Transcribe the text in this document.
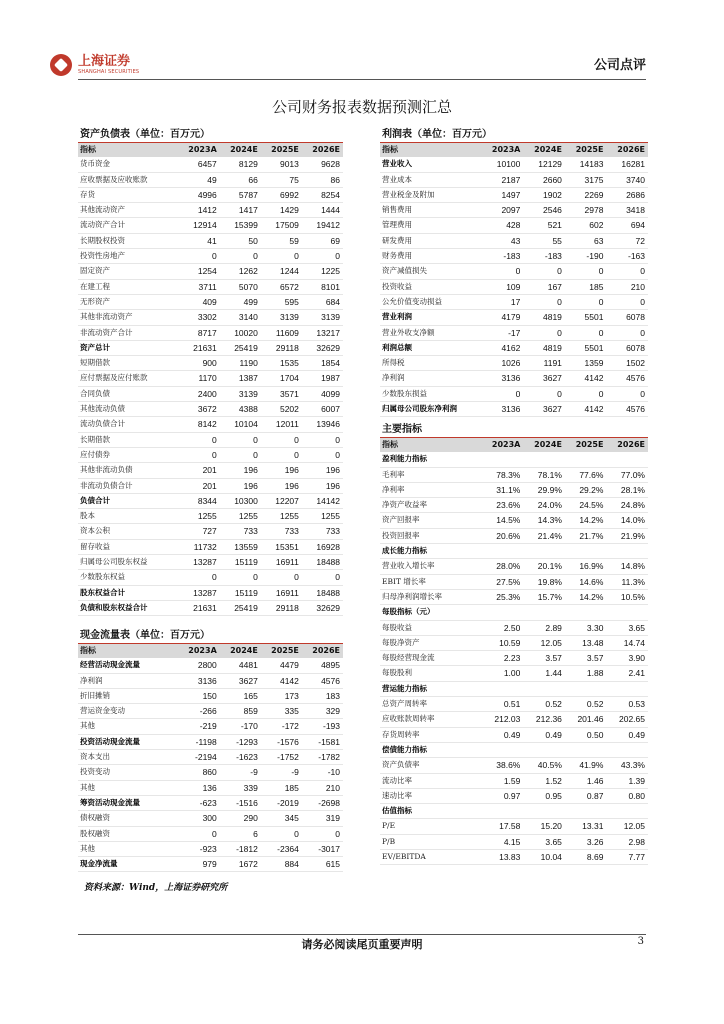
上海证券
SHANGHAI SECURITIES	公司点评
公司财务报表数据预测汇总
资产负债表（单位：百万元）
指标	2023A	2024E	2025E	2026E
货币资金	6457	8129	9013	9628
应收票据及应收账款	49	66	75	86
存货	4996	5787	6992	8254
其他流动资产	1412	1417	1429	1444
流动资产合计	12914	15399	17509	19412
长期股权投资	41	50	59	69
投资性房地产	0	0	0	0
固定资产	1254	1262	1244	1225
在建工程	3711	5070	6572	8101
无形资产	409	499	595	684
其他非流动资产	3302	3140	3139	3139
非流动资产合计	8717	10020	11609	13217
资产总计	21631	25419	29118	32629
短期借款	900	1190	1535	1854
应付票据及应付账款	1170	1387	1704	1987
合同负债	2400	3139	3571	4099
其他流动负债	3672	4388	5202	6007
流动负债合计	8142	10104	12011	13946
长期借款	0	0	0	0
应付债券	0	0	0	0
其他非流动负债	201	196	196	196
非流动负债合计	201	196	196	196
负债合计	8344	10300	12207	14142
股本	1255	1255	1255	1255
资本公积	727	733	733	733
留存收益	11732	13559	15351	16928
归属母公司股东权益	13287	15119	16911	18488
少数股东权益	0	0	0	0
股东权益合计	13287	15119	16911	18488
负债和股东权益合计	21631	25419	29118	32629
现金流量表（单位：百万元）
指标	2023A	2024E	2025E	2026E
经营活动现金流量	2800	4481	4479	4895
净利润	3136	3627	4142	4576
折旧摊销	150	165	173	183
营运资金变动	-266	859	335	329
其他	-219	-170	-172	-193
投资活动现金流量	-1198	-1293	-1576	-1581
资本支出	-2194	-1623	-1752	-1782
投资变动	860	-9	-9	-10
其他	136	339	185	210
筹资活动现金流量	-623	-1516	-2019	-2698
债权融资	300	290	345	319
股权融资	0	6	0	0
其他	-923	-1812	-2364	-3017
现金净流量	979	1672	884	615
利润表（单位：百万元）
指标	2023A	2024E	2025E	2026E
营业收入	10100	12129	14183	16281
营业成本	2187	2660	3175	3740
营业税金及附加	1497	1902	2269	2686
销售费用	2097	2546	2978	3418
管理费用	428	521	602	694
研发费用	43	55	63	72
财务费用	-183	-183	-190	-163
资产减值损失	0	0	0	0
投资收益	109	167	185	210
公允价值变动损益	17	0	0	0
营业利润	4179	4819	5501	6078
营业外收支净额	-17	0	0	0
利润总额	4162	4819	5501	6078
所得税	1026	1191	1359	1502
净利润	3136	3627	4142	4576
少数股东损益	0	0	0	0
归属母公司股东净利润	3136	3627	4142	4576
主要指标
指标	2023A	2024E	2025E	2026E
盈利能力指标				
毛利率	78.3%	78.1%	77.6%	77.0%
净利率	31.1%	29.9%	29.2%	28.1%
净资产收益率	23.6%	24.0%	24.5%	24.8%
资产回报率	14.5%	14.3%	14.2%	14.0%
投资回报率	20.6%	21.4%	21.7%	21.9%
成长能力指标				
营业收入增长率	28.0%	20.1%	16.9%	14.8%
EBIT 增长率	27.5%	19.8%	14.6%	11.3%
归母净利润增长率	25.3%	15.7%	14.2%	10.5%
每股指标（元）				
每股收益	2.50	2.89	3.30	3.65
每股净资产	10.59	12.05	13.48	14.74
每股经营现金流	2.23	3.57	3.57	3.90
每股股利	1.00	1.44	1.88	2.41
营运能力指标				
总资产周转率	0.51	0.52	0.52	0.53
应收账款周转率	212.03	212.36	201.46	202.65
存货周转率	0.49	0.49	0.50	0.49
偿债能力指标				
资产负债率	38.6%	40.5%	41.9%	43.3%
流动比率	1.59	1.52	1.46	1.39
速动比率	0.97	0.95	0.87	0.80
估值指标				
P/E	17.58	15.20	13.31	12.05
P/B	4.15	3.65	3.26	2.98
EV/EBITDA	13.83	10.04	8.69	7.77
资料来源：Wind，上海证券研究所
请务必阅读尾页重要声明	3
